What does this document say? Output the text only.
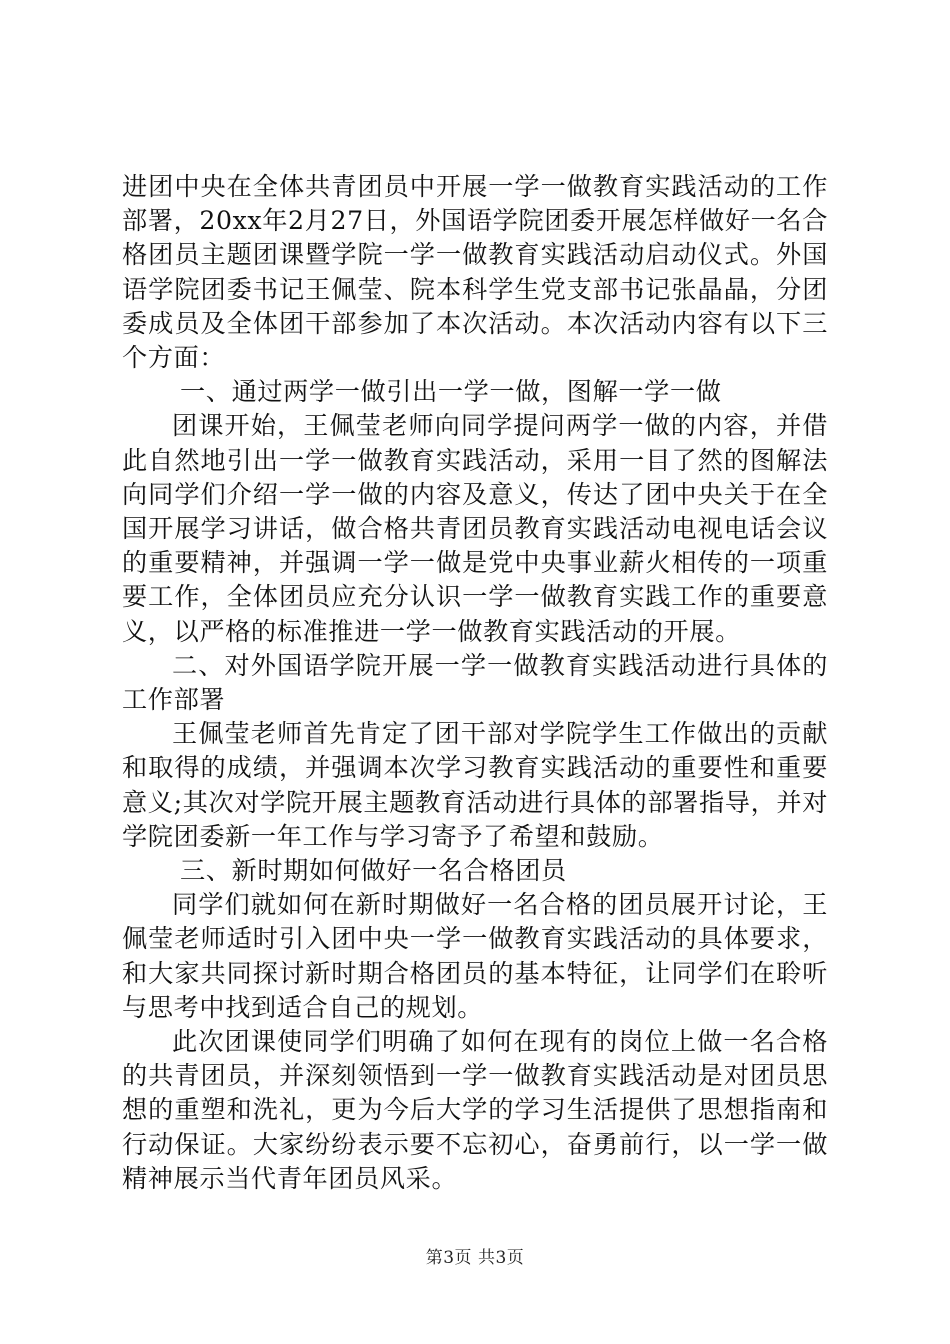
进团中央在全体共青团员中开展一学一做教育实践活动的工作部署，20xx年2月27日，外国语学院团委开展怎样做好一名合格团员主题团课暨学院一学一做教育实践活动启动仪式。外国语学院团委书记王佩莹、院本科学生党支部书记张晶晶，分团委成员及全体团干部参加了本次活动。本次活动内容有以下三个方面：

一、通过两学一做引出一学一做，图解一学一做

团课开始，王佩莹老师向同学提问两学一做的内容，并借此自然地引出一学一做教育实践活动，采用一目了然的图解法向同学们介绍一学一做的内容及意义，传达了团中央关于在全国开展学习讲话，做合格共青团员教育实践活动电视电话会议的重要精神，并强调一学一做是党中央事业薪火相传的一项重要工作，全体团员应充分认识一学一做教育实践工作的重要意义，以严格的标准推进一学一做教育实践活动的开展。

二、对外国语学院开展一学一做教育实践活动进行具体的工作部署

王佩莹老师首先肯定了团干部对学院学生工作做出的贡献和取得的成绩，并强调本次学习教育实践活动的重要性和重要意义;其次对学院开展主题教育活动进行具体的部署指导，并对学院团委新一年工作与学习寄予了希望和鼓励。

三、新时期如何做好一名合格团员

同学们就如何在新时期做好一名合格的团员展开讨论，王佩莹老师适时引入团中央一学一做教育实践活动的具体要求，和大家共同探讨新时期合格团员的基本特征，让同学们在聆听与思考中找到适合自己的规划。

此次团课使同学们明确了如何在现有的岗位上做一名合格的共青团员，并深刻领悟到一学一做教育实践活动是对团员思想的重塑和洗礼，更为今后大学的学习生活提供了思想指南和行动保证。大家纷纷表示要不忘初心，奋勇前行，以一学一做精神展示当代青年团员风采。

第3页 共3页
